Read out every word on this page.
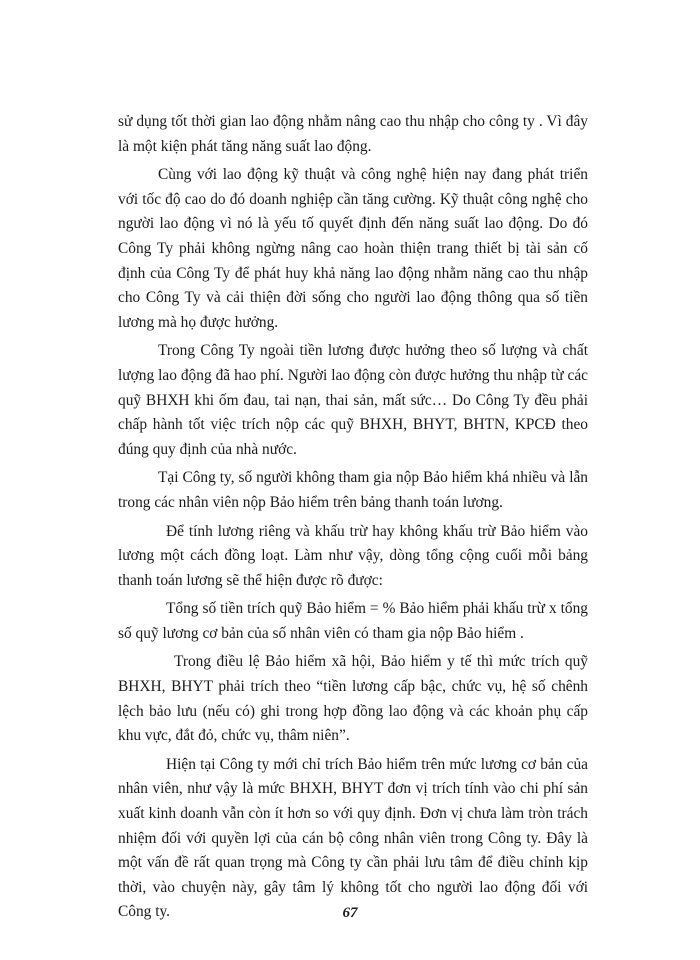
sử dụng tốt thời gian lao động nhằm nâng cao thu nhập cho công ty . Vì đây là một kiện phát tăng năng suất lao động.

Cùng với lao động kỹ thuật và công nghệ hiện nay đang phát triển với tốc độ cao do đó doanh nghiệp cần tăng cường. Kỹ thuật công nghệ cho người lao động vì nó là yếu tố quyết định đến năng suất lao động. Do đó Công Ty phải không ngừng nâng cao hoàn thiện trang thiết bị tài sản cố định của Công Ty để phát huy khả năng lao động nhằm năng cao thu nhập cho Công Ty và cải thiện đời sống cho người lao động thông qua số tiền lương mà họ được hưởng.

Trong Công Ty ngoài tiền lương được hưởng theo số lượng và chất lượng lao động đã hao phí. Người lao động còn được hưởng thu nhập từ các quỹ BHXH khi ốm đau, tai nạn, thai sản, mất sức… Do Công Ty đều phải chấp hành tốt việc trích nộp các quỹ BHXH, BHYT, BHTN, KPCĐ theo đúng quy định của nhà nước.

Tại Công ty, số người không tham gia nộp Bảo hiểm khá nhiều và lẫn trong các nhân viên nộp Bảo hiểm trên bảng thanh toán lương.

Để tính lương riêng và khấu trừ hay không khấu trừ Bảo hiểm vào lương một cách đồng loạt. Làm như vậy, dòng tổng cộng cuối mỗi bảng thanh toán lương sẽ thể hiện được rõ được:

Tổng số tiền trích quỹ Bảo hiểm = % Bảo hiểm phải khấu trừ x tổng số quỹ lương cơ bản của số nhân viên có tham gia nộp Bảo hiểm .

Trong điều lệ Bảo hiểm xã hội, Bảo hiểm y tế thì mức trích quỹ BHXH, BHYT phải trích theo “tiền lương cấp bậc, chức vụ, hệ số chênh lệch bảo lưu (nếu có) ghi trong hợp đồng lao động và các khoản phụ cấp khu vực, đắt đỏ, chức vụ, thâm niên”.

Hiện tại Công ty mới chỉ trích Bảo hiểm trên mức lương cơ bản của nhân viên, như vậy là mức BHXH, BHYT đơn vị trích tính vào chi phí sản xuất kinh doanh vẫn còn ít hơn so với quy định. Đơn vị chưa làm tròn trách nhiệm đối với quyền lợi của cán bộ công nhân viên trong Công ty. Đây là một vấn đề rất quan trọng mà Công ty cần phải lưu tâm để điều chỉnh kịp thời, vào chuyện này, gây tâm lý không tốt cho người lao động đối với Công ty.	67
